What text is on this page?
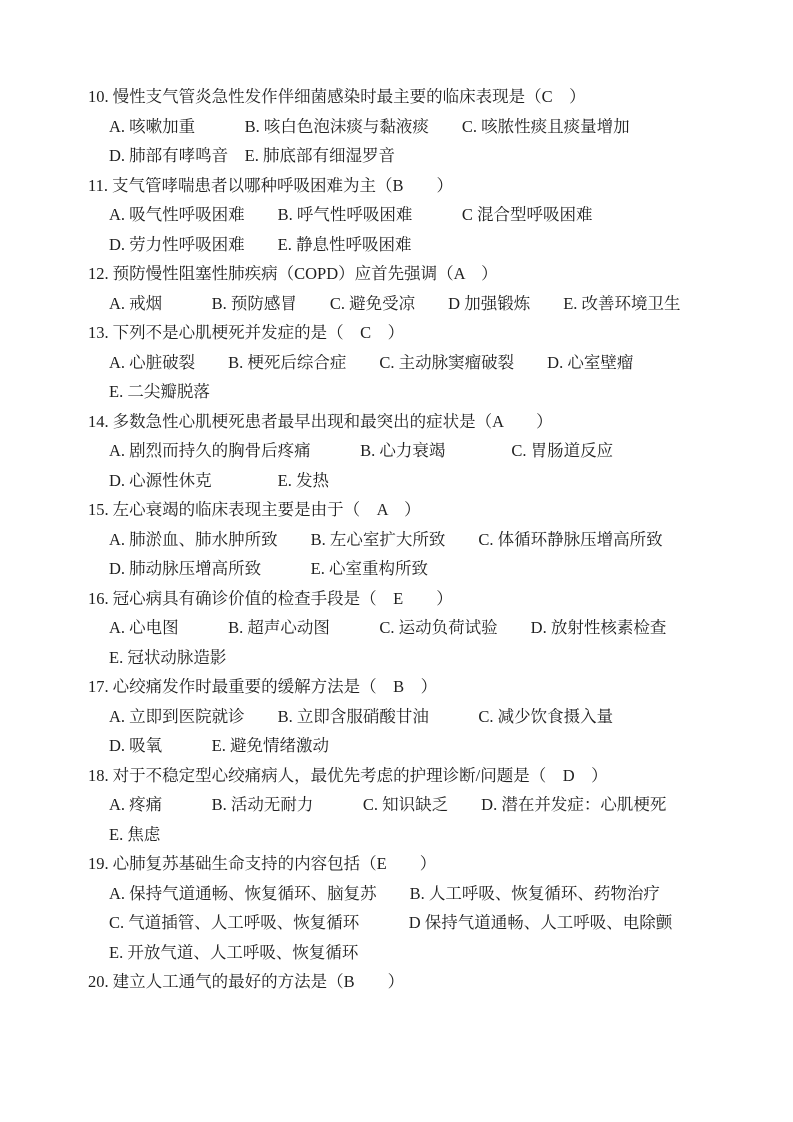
10. 慢性支气管炎急性发作伴细菌感染时最主要的临床表现是（C　）
A. 咳嗽加重　　　B. 咳白色泡沫痰与黏液痰　　C. 咳脓性痰且痰量增加
D. 肺部有哮鸣音　E. 肺底部有细湿罗音
11. 支气管哮喘患者以哪种呼吸困难为主（B　　）
A. 吸气性呼吸困难　　B. 呼气性呼吸困难　　　C 混合型呼吸困难
D. 劳力性呼吸困难　　E. 静息性呼吸困难
12. 预防慢性阻塞性肺疾病（COPD）应首先强调（A　）
A. 戒烟　　　B. 预防感冒　　C. 避免受凉　　D 加强锻炼　　E. 改善环境卫生
13. 下列不是心肌梗死并发症的是（　C　）
A. 心脏破裂　　B. 梗死后综合症　　C. 主动脉窦瘤破裂　　D. 心室壁瘤
E. 二尖瓣脱落
14. 多数急性心肌梗死患者最早出现和最突出的症状是（A　　）
A. 剧烈而持久的胸骨后疼痛　　　B. 心力衰竭　　　　C. 胃肠道反应
D. 心源性休克　　　　E. 发热
15. 左心衰竭的临床表现主要是由于（　A　）
A. 肺淤血、肺水肿所致　　B. 左心室扩大所致　　C. 体循环静脉压增高所致
D. 肺动脉压增高所致　　　E. 心室重构所致
16. 冠心病具有确诊价值的检查手段是（　E　　）
A. 心电图　　　B. 超声心动图　　　C. 运动负荷试验　　D. 放射性核素检查
E. 冠状动脉造影
17. 心绞痛发作时最重要的缓解方法是（　B　）
A. 立即到医院就诊　　B. 立即含服硝酸甘油　　　C. 减少饮食摄入量
D. 吸氧　　　E. 避免情绪激动
18. 对于不稳定型心绞痛病人，最优先考虑的护理诊断/问题是（　D　）
A. 疼痛　　　B. 活动无耐力　　　C. 知识缺乏　　D. 潜在并发症：心肌梗死
E. 焦虑
19. 心肺复苏基础生命支持的内容包括（E　　）
A. 保持气道通畅、恢复循环、脑复苏　　B. 人工呼吸、恢复循环、药物治疗
C. 气道插管、人工呼吸、恢复循环　　　D 保持气道通畅、人工呼吸、电除颤
E. 开放气道、人工呼吸、恢复循环
20. 建立人工通气的最好的方法是（B　　）
